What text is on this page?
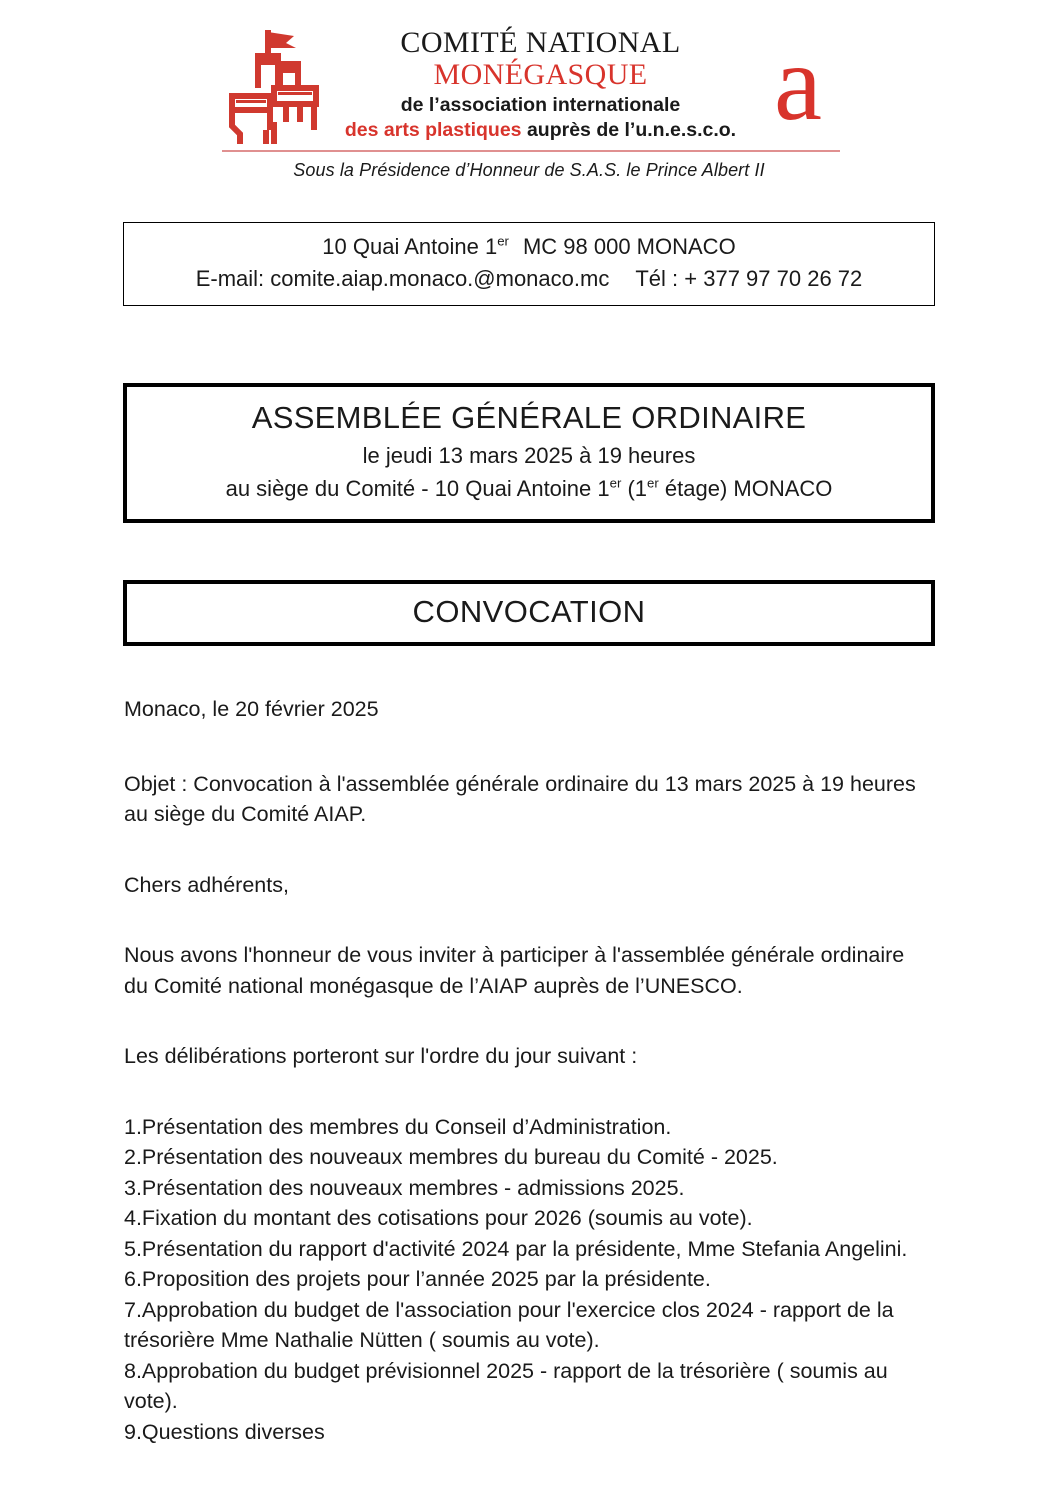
COMITÉ NATIONAL
MONÉGASQUE
de l’association internationale
des arts plastiques auprès de l’u.n.e.s.c.o. a
Sous la Présidence d’Honneur de S.A.S. le Prince Albert II
10 Quai Antoine 1er MC 98 000 MONACO
E-mail: comite.aiap.monaco.@monaco.mc Tél : + 377 97 70 26 72
ASSEMBLÉE GÉNÉRALE ORDINAIRE
le jeudi 13 mars 2025 à 19 heures
au siège du Comité - 10 Quai Antoine 1er (1er étage) MONACO
CONVOCATION

Monaco, le 20 février 2025

Objet : Convocation à l'assemblée générale ordinaire du 13 mars 2025 à 19 heures

au siège du Comité AIAP.

Chers adhérents,

Nous avons l'honneur de vous inviter à participer à l'assemblée générale ordinaire

du Comité national monégasque de l’AIAP auprès de l’UNESCO.

Les délibérations porteront sur l'ordre du jour suivant :

1.Présentation des membres du Conseil d’Administration.
2.Présentation des nouveaux membres du bureau du Comité - 2025.
3.Présentation des nouveaux membres - admissions 2025.
4.Fixation du montant des cotisations pour 2026 (soumis au vote).
5.Présentation du rapport d'activité 2024 par la présidente, Mme Stefania Angelini.
6.Proposition des projets pour l’année 2025 par la présidente.
7.Approbation du budget de l'association pour l'exercice clos 2024 - rapport de la trésorière Mme Nathalie Nütten ( soumis au vote).
8.Approbation du budget prévisionnel 2025 - rapport de la trésorière ( soumis au vote).
9.Questions diverses
